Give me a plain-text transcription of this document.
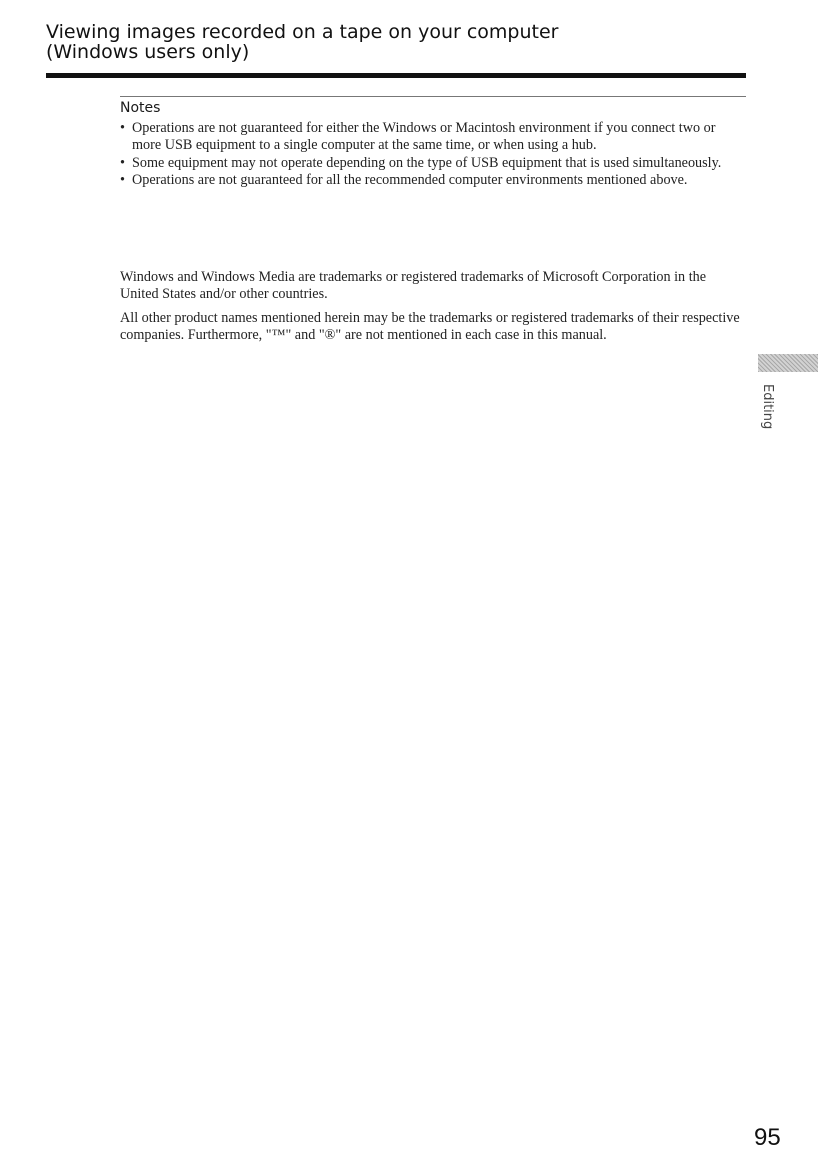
Viewing images recorded on a tape on your computer
(Windows users only)
Notes
• Operations are not guaranteed for either the Windows or Macintosh environment if you connect two or more USB equipment to a single computer at the same time, or when using a hub.
• Some equipment may not operate depending on the type of USB equipment that is used simultaneously.
• Operations are not guaranteed for all the recommended computer environments mentioned above.

Windows and Windows Media are trademarks or registered trademarks of Microsoft Corporation in the United States and/or other countries.

All other product names mentioned herein may be the trademarks or registered trademarks of their respective companies. Furthermore, "™" and "®" are not mentioned in each case in this manual.

Editing
95
